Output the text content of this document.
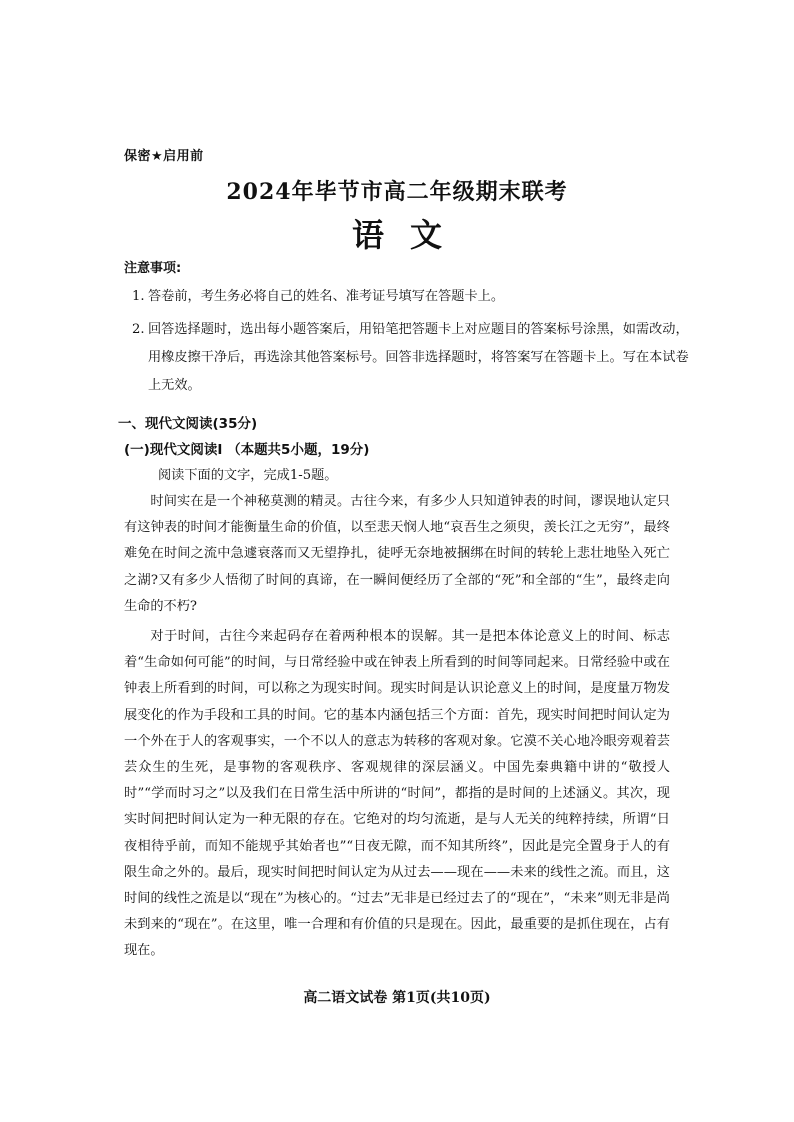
保密★启用前
2024年毕节市高二年级期末联考
语文
注意事项:
1. 答卷前，考生务必将自己的姓名、准考证号填写在答题卡上。
2. 回答选择题时，选出每小题答案后，用铅笔把答题卡上对应题目的答案标号涂黑，如需改动，用橡皮擦干净后，再选涂其他答案标号。回答非选择题时，将答案写在答题卡上。写在本试卷上无效。
一、现代文阅读(35分)
(一)现代文阅读I （本题共5小题，19分)
阅读下面的文字，完成1-5题。

时间实在是一个神秘莫测的精灵。古往今来，有多少人只知道钟表的时间，谬误地认定只有这钟表的时间才能衡量生命的价值，以至悲天悯人地“哀吾生之须臾，羡长江之无穷”，最终难免在时间之流中急遽衰落而又无望挣扎，徒呼无奈地被捆绑在时间的转轮上悲壮地坠入死亡之湖?又有多少人悟彻了时间的真谛，在一瞬间便经历了全部的“死”和全部的“生”，最终走向生命的不朽?

对于时间，古往今来起码存在着两种根本的误解。其一是把本体论意义上的时间、标志着“生命如何可能”的时间，与日常经验中或在钟表上所看到的时间等同起来。日常经验中或在钟表上所看到的时间，可以称之为现实时间。现实时间是认识论意义上的时间，是度量万物发展变化的作为手段和工具的时间。它的基本内涵包括三个方面：首先，现实时间把时间认定为一个外在于人的客观事实，一个不以人的意志为转移的客观对象。它漠不关心地冷眼旁观着芸芸众生的生死，是事物的客观秩序、客观规律的深层涵义。中国先秦典籍中讲的“敬授人时”“学而时习之”以及我们在日常生活中所讲的“时间”，都指的是时间的上述涵义。其次，现实时间把时间认定为一种无限的存在。它绝对的均匀流逝，是与人无关的纯粹持续，所谓“日夜相待乎前，而知不能规乎其始者也”“日夜无隙，而不知其所终”，因此是完全置身于人的有限生命之外的。最后，现实时间把时间认定为从过去——现在——未来的线性之流。而且，这时间的线性之流是以“现在”为核心的。“过去”无非是已经过去了的“现在”，“未来”则无非是尚未到来的“现在”。在这里，唯一合理和有价值的只是现在。因此，最重要的是抓住现在，占有现在。

高二语文试卷 第1页(共10页)
